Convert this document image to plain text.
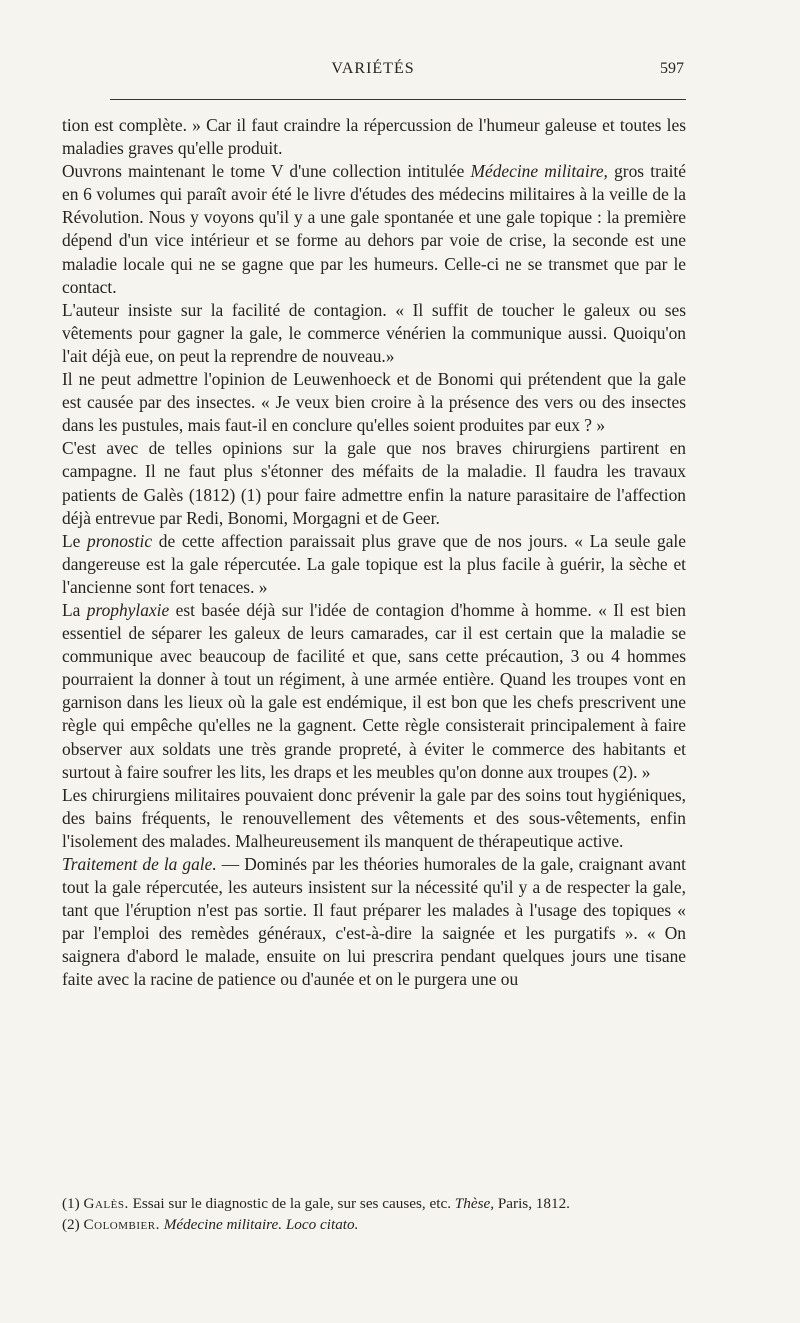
VARIÉTÉS	597

tion est complète. » Car il faut craindre la répercussion de l'humeur galeuse et toutes les maladies graves qu'elle produit.

Ouvrons maintenant le tome V d'une collection intitulée Médecine militaire, gros traité en 6 volumes qui paraît avoir été le livre d'études des médecins militaires à la veille de la Révolution. Nous y voyons qu'il y a une gale spontanée et une gale topique : la première dépend d'un vice intérieur et se forme au dehors par voie de crise, la seconde est une maladie locale qui ne se gagne que par les humeurs. Celle-ci ne se transmet que par le contact.

L'auteur insiste sur la facilité de contagion. « Il suffit de toucher le galeux ou ses vêtements pour gagner la gale, le commerce vénérien la communique aussi. Quoiqu'on l'ait déjà eue, on peut la reprendre de nouveau.»

Il ne peut admettre l'opinion de Leuwenhoeck et de Bonomi qui prétendent que la gale est causée par des insectes. « Je veux bien croire à la présence des vers ou des insectes dans les pustules, mais faut-il en conclure qu'elles soient produites par eux ? »

C'est avec de telles opinions sur la gale que nos braves chirurgiens partirent en campagne. Il ne faut plus s'étonner des méfaits de la maladie. Il faudra les travaux patients de Galès (1812) (1) pour faire admettre enfin la nature parasitaire de l'affection déjà entrevue par Redi, Bonomi, Morgagni et de Geer.

Le pronostic de cette affection paraissait plus grave que de nos jours. « La seule gale dangereuse est la gale répercutée. La gale topique est la plus facile à guérir, la sèche et l'ancienne sont fort tenaces. »

La prophylaxie est basée déjà sur l'idée de contagion d'homme à homme. « Il est bien essentiel de séparer les galeux de leurs camarades, car il est certain que la maladie se communique avec beaucoup de facilité et que, sans cette précaution, 3 ou 4 hommes pourraient la donner à tout un régiment, à une armée entière. Quand les troupes vont en garnison dans les lieux où la gale est endémique, il est bon que les chefs prescrivent une règle qui empêche qu'elles ne la gagnent. Cette règle consisterait principalement à faire observer aux soldats une très grande propreté, à éviter le commerce des habitants et surtout à faire soufrer les lits, les draps et les meubles qu'on donne aux troupes (2). »

Les chirurgiens militaires pouvaient donc prévenir la gale par des soins tout hygiéniques, des bains fréquents, le renouvellement des vêtements et des sous-vêtements, enfin l'isolement des malades. Malheureusement ils manquent de thérapeutique active.

Traitement de la gale. — Dominés par les théories humorales de la gale, craignant avant tout la gale répercutée, les auteurs insistent sur la nécessité qu'il y a de respecter la gale, tant que l'éruption n'est pas sortie. Il faut préparer les malades à l'usage des topiques « par l'emploi des remèdes généraux, c'est-à-dire la saignée et les purgatifs ». « On saignera d'abord le malade, ensuite on lui prescrira pendant quelques jours une tisane faite avec la racine de patience ou d'aunée et on le purgera une ou

(1) Galès. Essai sur le diagnostic de la gale, sur ses causes, etc. Thèse, Paris, 1812.
(2) Colombier. Médecine militaire. Loco citato.
